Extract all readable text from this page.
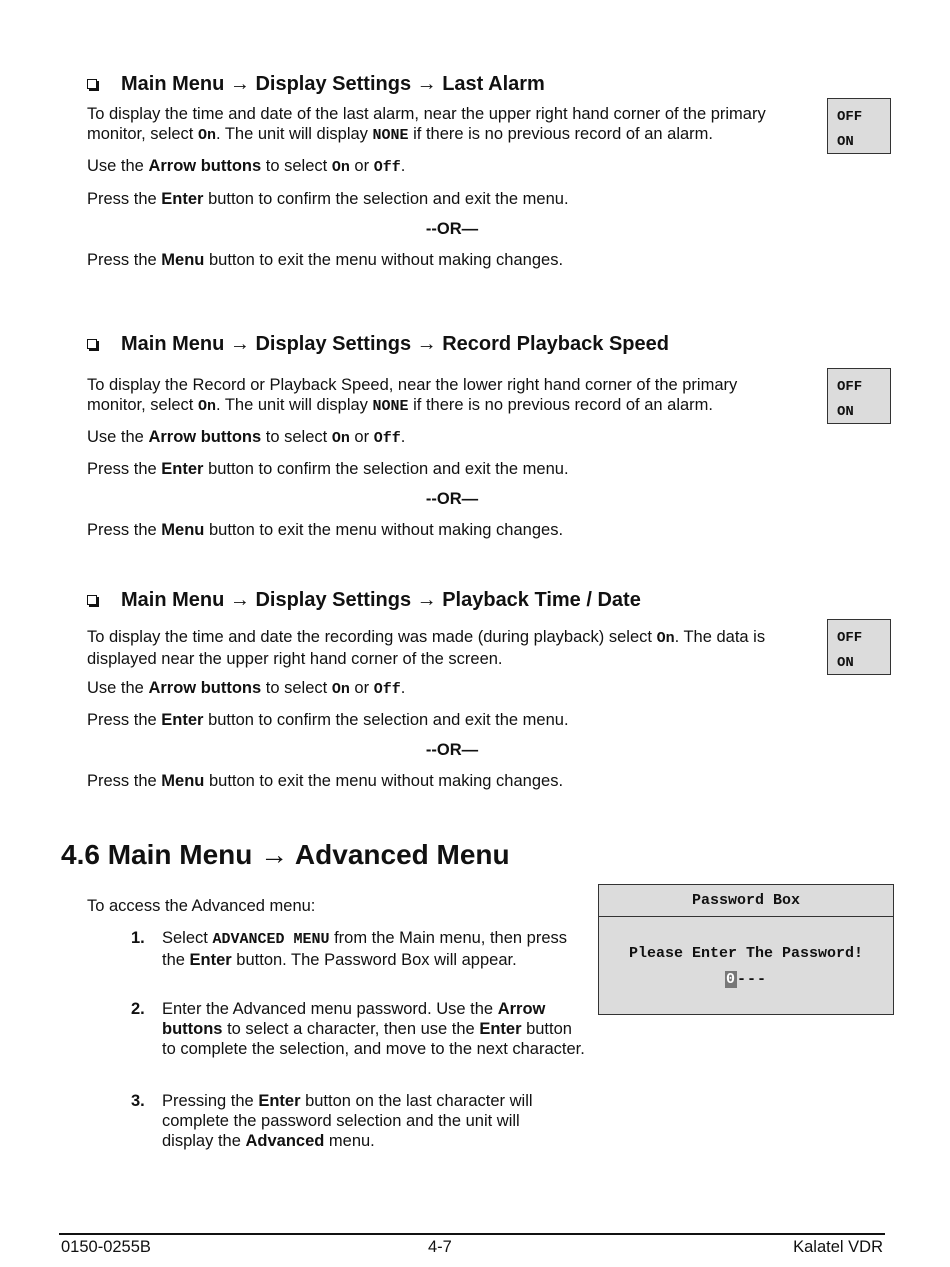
Main Menu → Display Settings → Last Alarm
To display the time and date of the last alarm, near the upper right hand corner of the primary monitor, select On. The unit will display NONE if there is no previous record of an alarm.
OFF
ON
Use the Arrow buttons to select On or Off.
Press the Enter button to confirm the selection and exit the menu.
--OR—
Press the Menu button to exit the menu without making changes.
Main Menu → Display Settings → Record Playback Speed
To display the Record or Playback Speed, near the lower right hand corner of the primary monitor, select On. The unit will display NONE if there is no previous record of an alarm.
OFF
ON
Use the Arrow buttons to select On or Off.
Press the Enter button to confirm the selection and exit the menu.
--OR—
Press the Menu button to exit the menu without making changes.
Main Menu → Display Settings → Playback Time / Date
To display the time and date the recording was made (during playback) select On. The data is displayed near the upper right hand corner of the screen.
OFF
ON
Use the Arrow buttons to select On or Off.
Press the Enter button to confirm the selection and exit the menu.
--OR—
Press the Menu button to exit the menu without making changes.
4.6 Main Menu → Advanced Menu
To access the Advanced menu:
1. Select ADVANCED MENU from the Main menu, then press the Enter button. The Password Box will appear.
2. Enter the Advanced menu password. Use the Arrow buttons to select a character, then use the Enter button to complete the selection, and move to the next character.
3. Pressing the Enter button on the last character will complete the password selection and the unit will display the Advanced menu.
Password Box
Please Enter The Password!
0---
0150-0255B	4-7	Kalatel VDR
